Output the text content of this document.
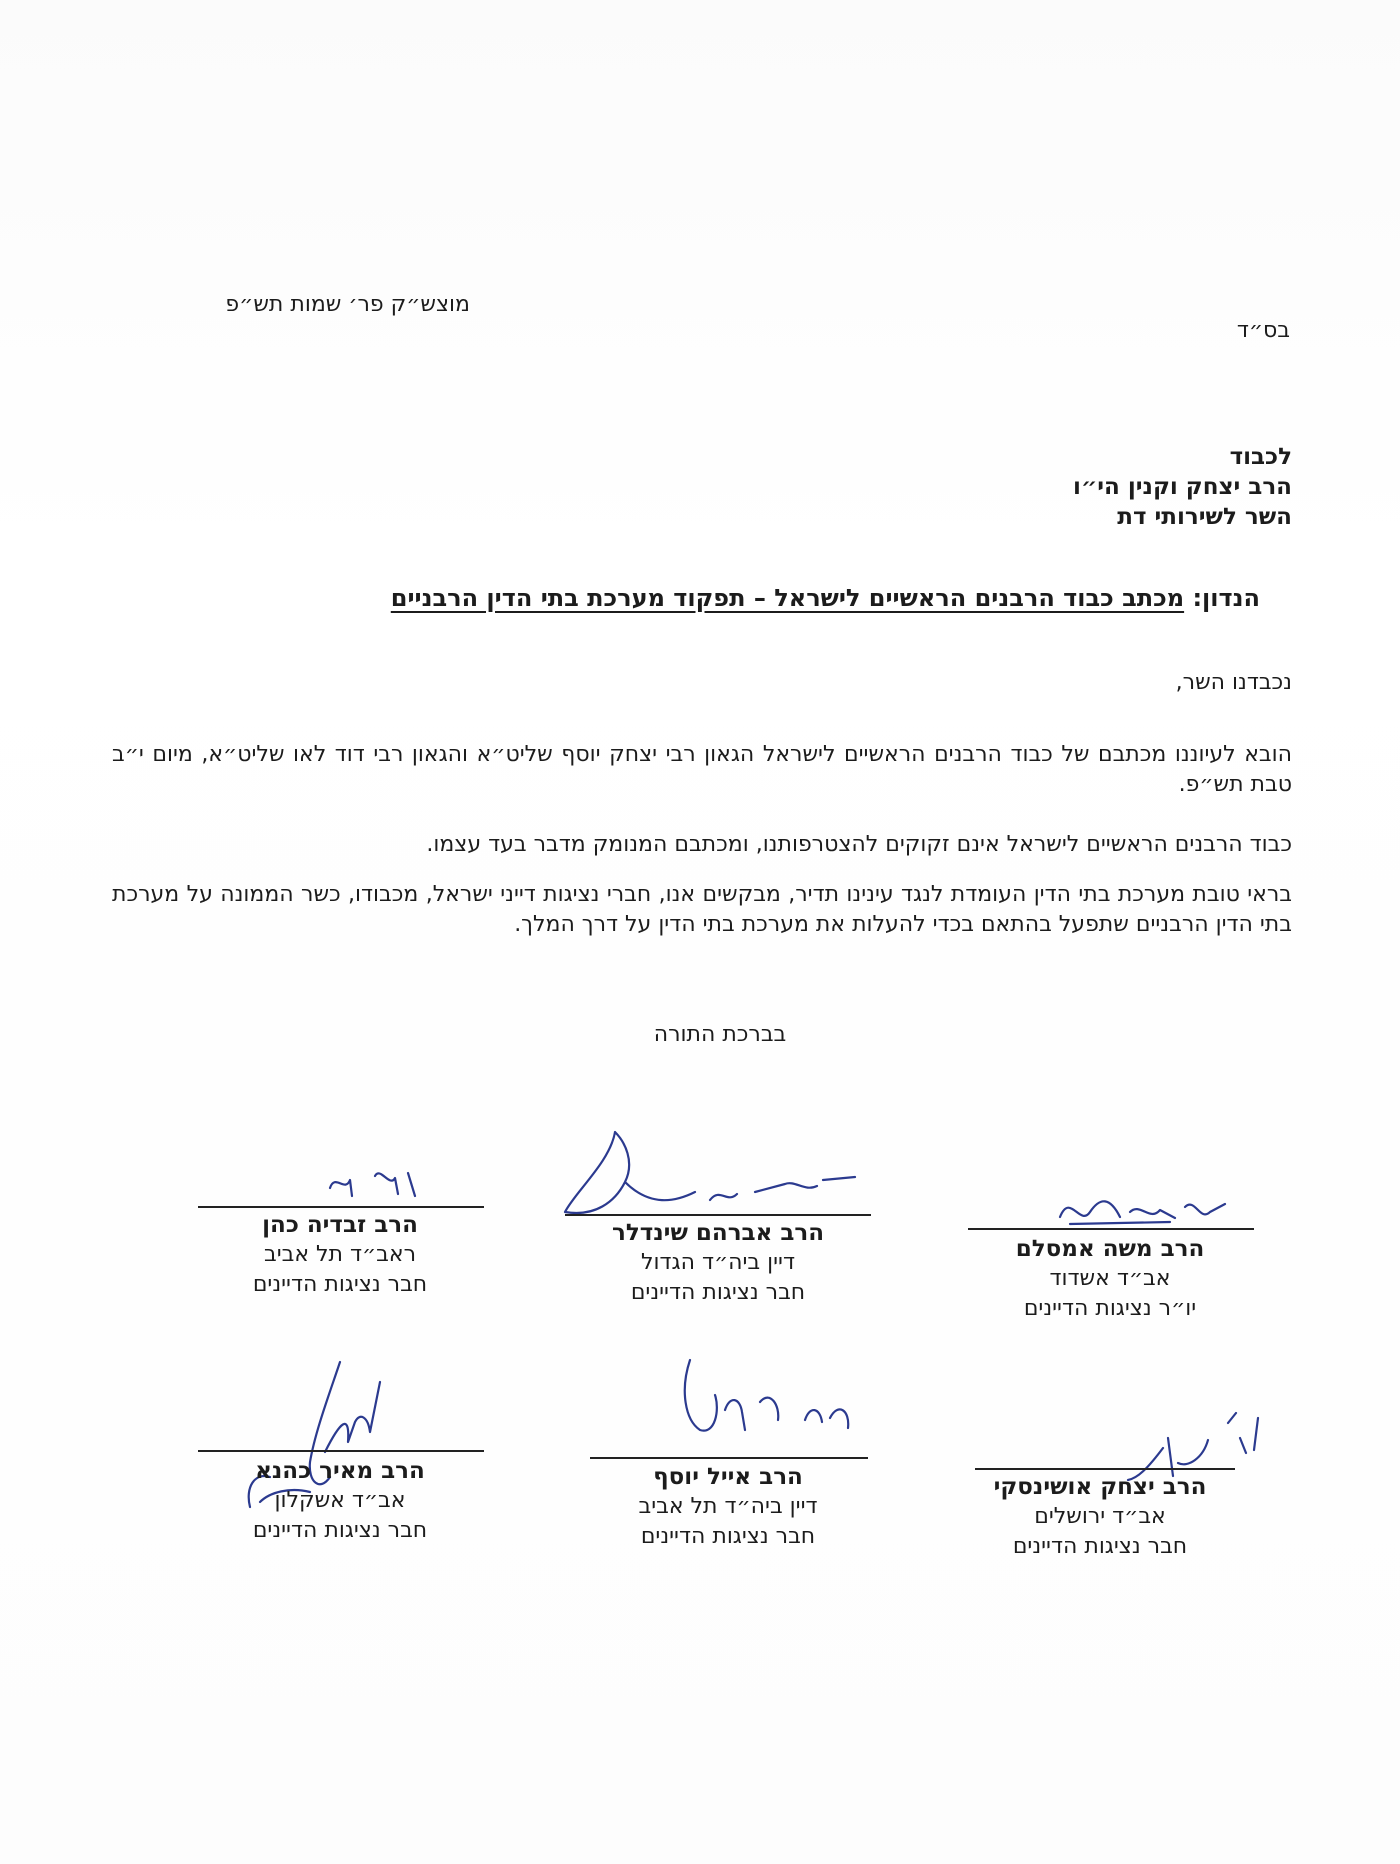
מוצש״ק פר׳ שמות תש״פ
בס״ד
לכבוד
הרב יצחק וקנין הי״ו
השר לשירותי דת
הנדון: מכתב כבוד הרבנים הראשיים לישראל – תפקוד מערכת בתי הדין הרבניים
נכבדנו השר,
הובא לעיוננו מכתבם של כבוד הרבנים הראשיים לישראל הגאון רבי יצחק יוסף שליט״א והגאון רבי דוד לאו שליט״א, מיום י״ב טבת תש״פ.
כבוד הרבנים הראשיים לישראל אינם זקוקים להצטרפותנו, ומכתבם המנומק מדבר בעד עצמו.
בראי טובת מערכת בתי הדין העומדת לנגד עינינו תדיר, מבקשים אנו, חברי נציגות דייני ישראל, מכבודו, כשר הממונה על מערכת בתי הדין הרבניים שתפעל בהתאם בכדי להעלות את מערכת בתי הדין על דרך המלך.
בברכת התורה
הרב משה אמסלם
אב״ד אשדוד
יו״ר נציגות הדיינים
הרב אברהם שינדלר
דיין ביה״ד הגדול
חבר נציגות הדיינים
הרב זבדיה כהן
ראב״ד תל אביב
חבר נציגות הדיינים
הרב יצחק אושינסקי
אב״ד ירושלים
חבר נציגות הדיינים
הרב אייל יוסף
דיין ביה״ד תל אביב
חבר נציגות הדיינים
הרב מאיר כהנא
אב״ד אשקלון
חבר נציגות הדיינים
